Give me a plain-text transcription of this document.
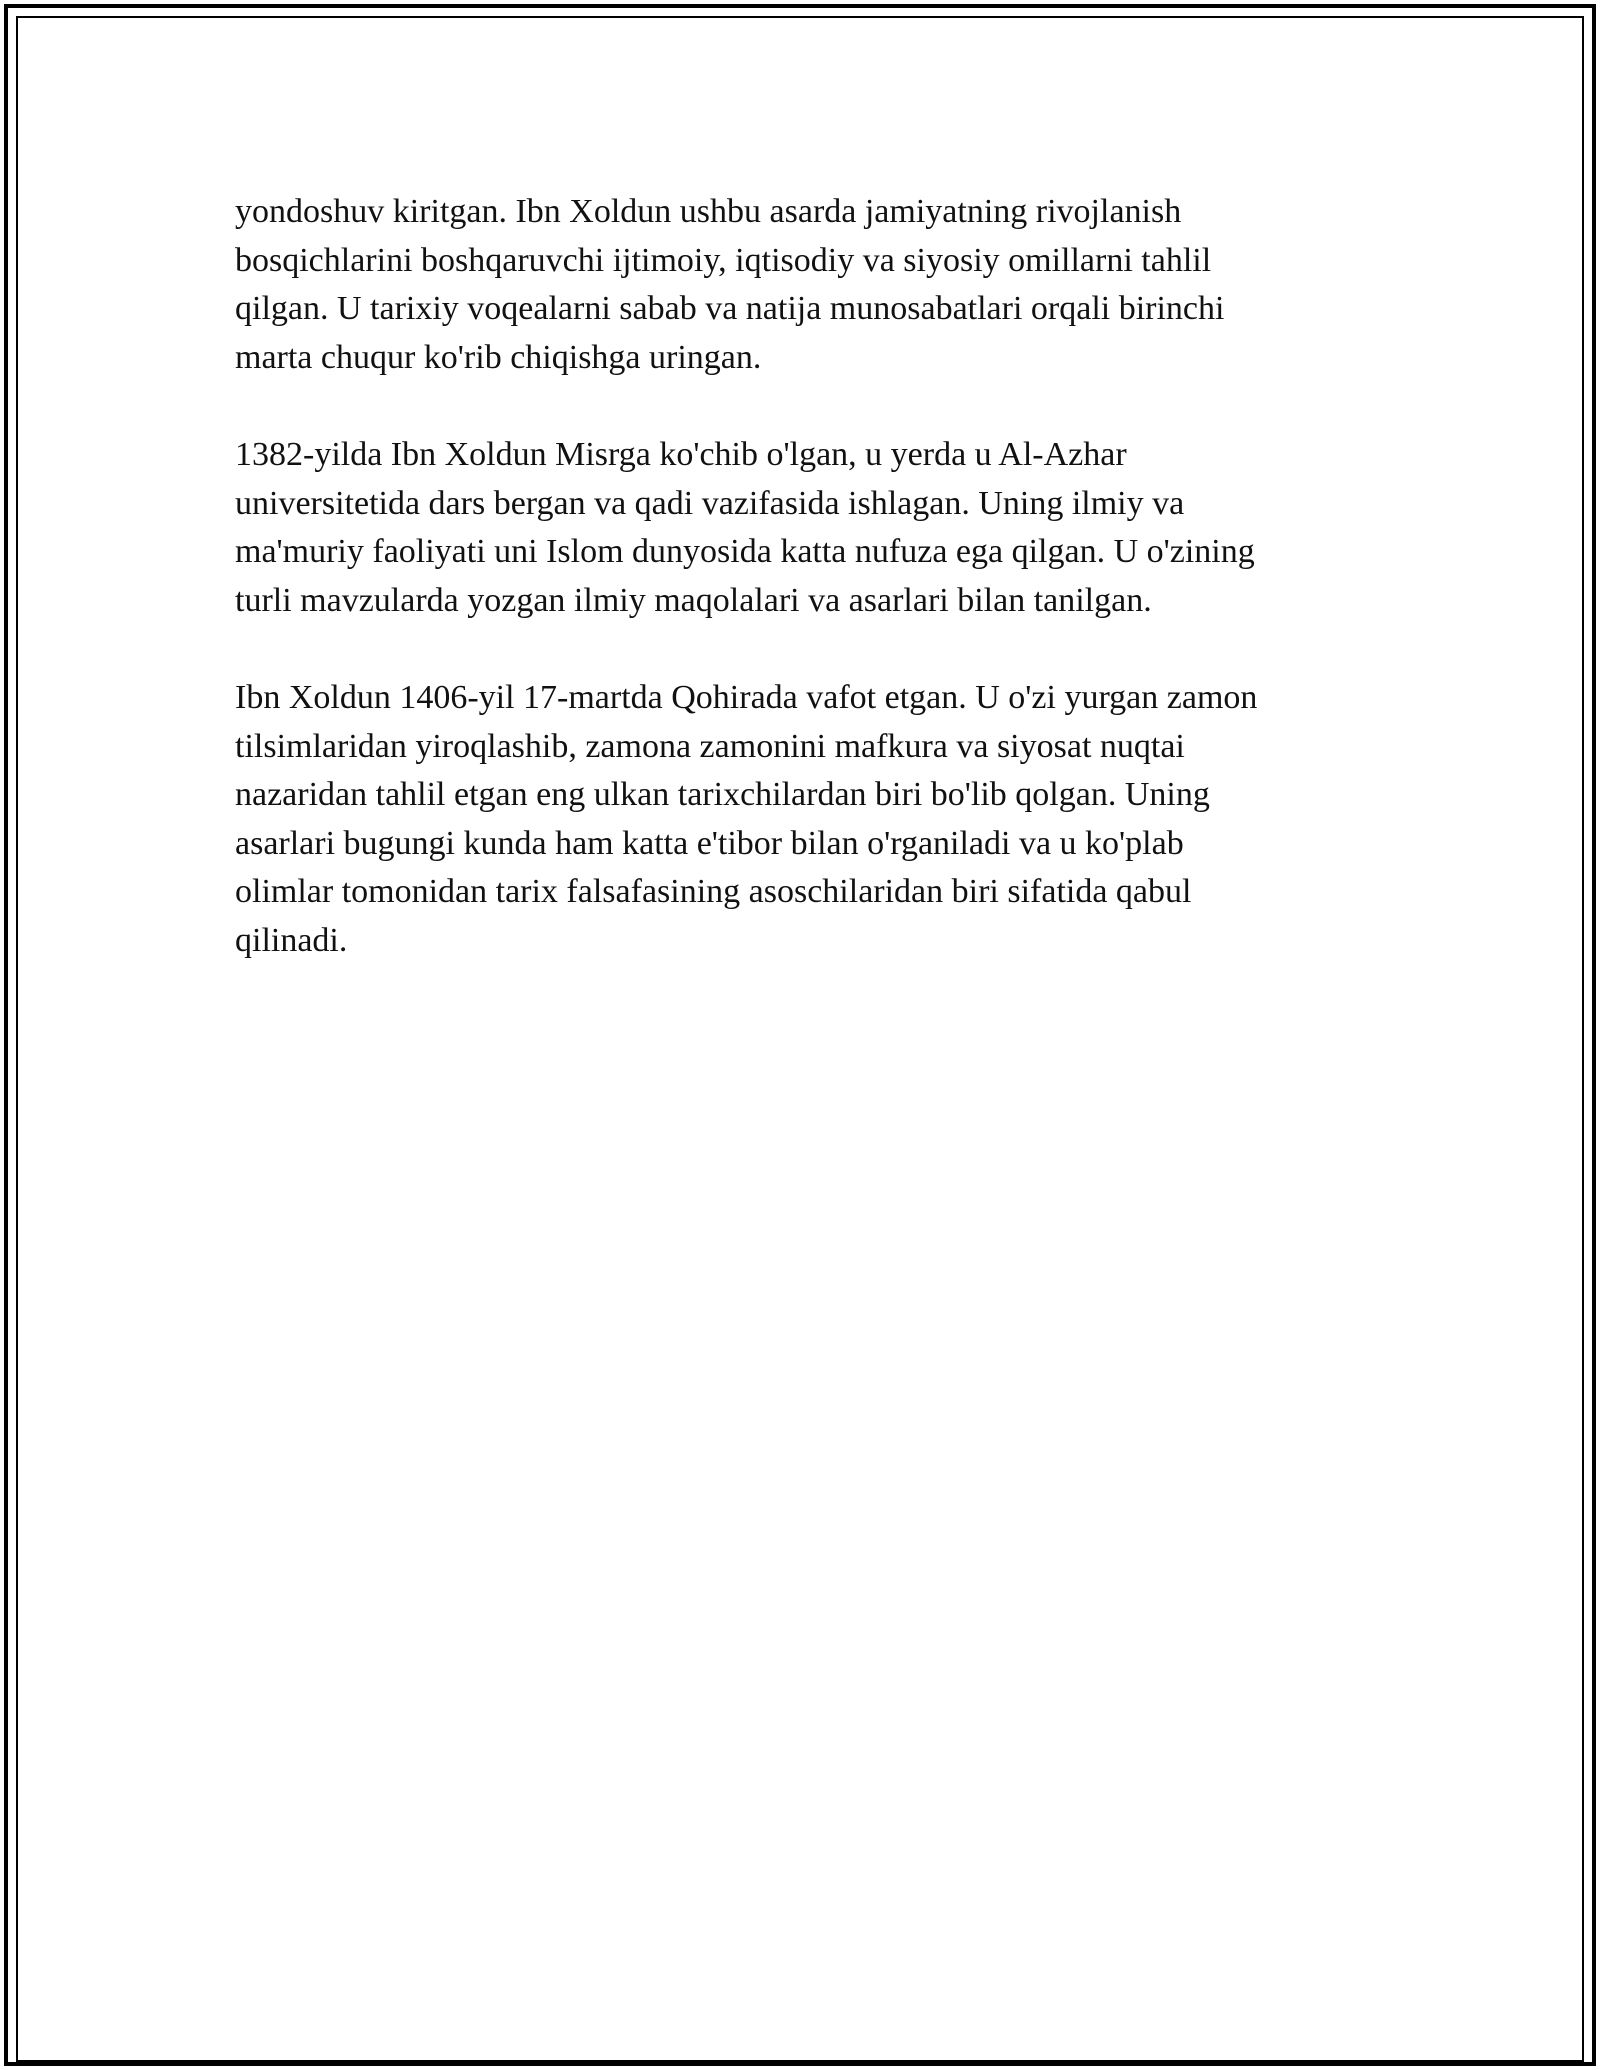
yondoshuv kiritgan. Ibn Xoldun ushbu asarda jamiyatning rivojlanish
bosqichlarini boshqaruvchi ijtimoiy, iqtisodiy va siyosiy omillarni tahlil
qilgan. U tarixiy voqealarni sabab va natija munosabatlari orqali birinchi
marta chuqur ko'rib chiqishga uringan.

1382-yilda Ibn Xoldun Misrga ko'chib o'lgan, u yerda u Al-Azhar
universitetida dars bergan va qadi vazifasida ishlagan. Uning ilmiy va
ma'muriy faoliyati uni Islom dunyosida katta nufuza ega qilgan. U o'zining
turli mavzularda yozgan ilmiy maqolalari va asarlari bilan tanilgan.

Ibn Xoldun 1406-yil 17-martda Qohirada vafot etgan. U o'zi yurgan zamon
tilsimlaridan yiroqlashib, zamona zamonini mafkura va siyosat nuqtai
nazaridan tahlil etgan eng ulkan tarixchilardan biri bo'lib qolgan. Uning
asarlari bugungi kunda ham katta e'tibor bilan o'rganiladi va u ko'plab
olimlar tomonidan tarix falsafasining asoschilaridan biri sifatida qabul
qilinadi.
